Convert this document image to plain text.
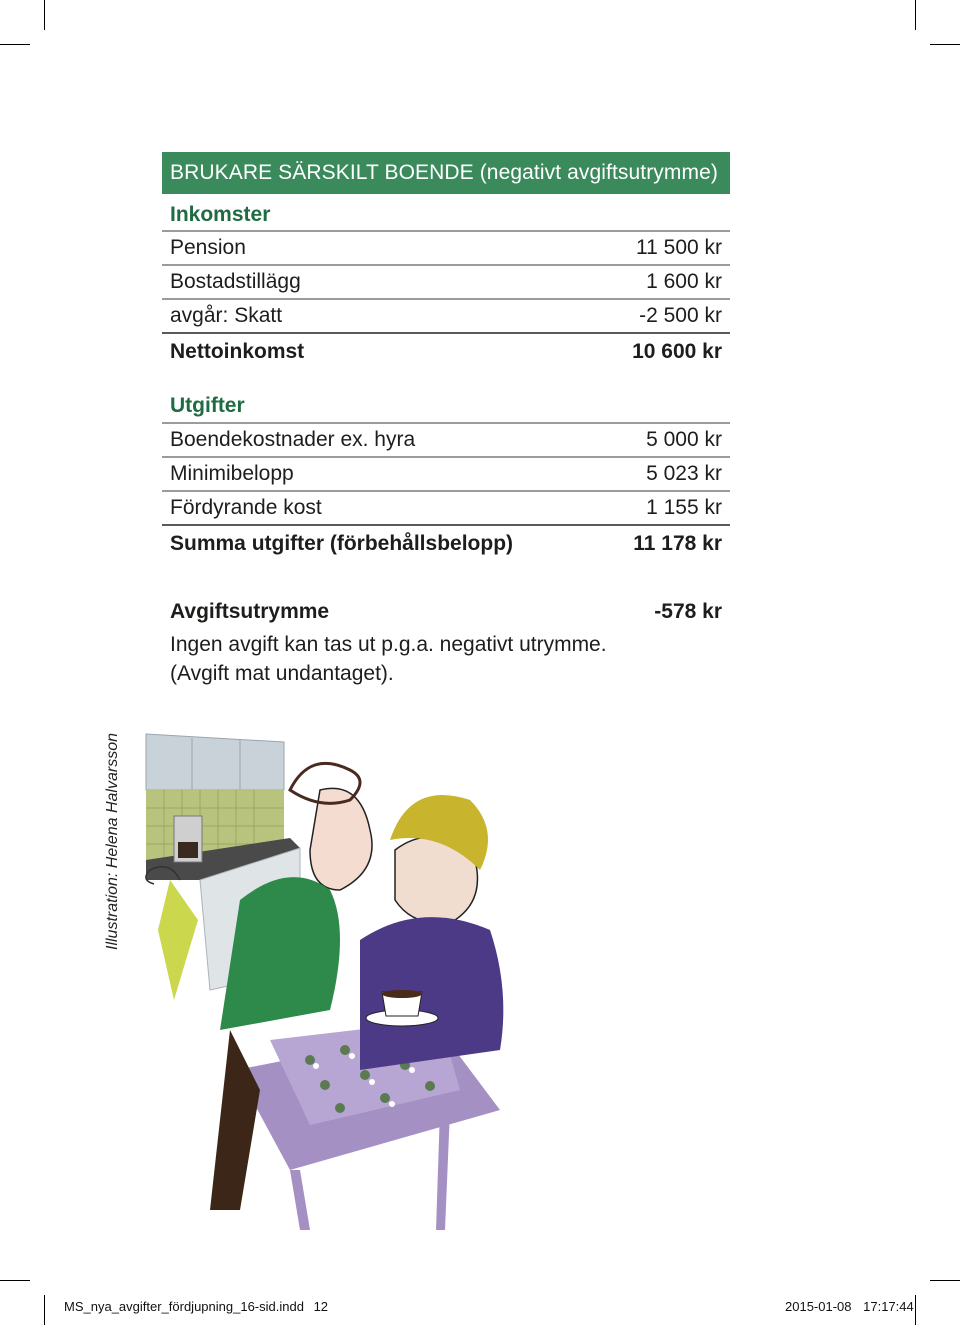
BRUKARE SÄRSKILT BOENDE (negativt avgiftsutrymme)
Inkomster
Pension	11 500 kr
Bostadstillägg	1 600 kr
avgår: Skatt	-2 500 kr
Nettoinkomst	10 600 kr
Utgifter
Boendekostnader ex. hyra	5 000 kr
Minimibelopp	5 023 kr
Fördyrande kost	1 155 kr
Summa utgifter (förbehållsbelopp)	11 178 kr
Avgiftsutrymme	-578 kr
Ingen avgift kan tas ut p.g.a. negativt utrymme.
(Avgift mat undantaget).
Illustration: Helena Halvarsson
MS_nya_avgifter_fördjupning_16-sid.indd 12	2015-01-08 17:17:44
